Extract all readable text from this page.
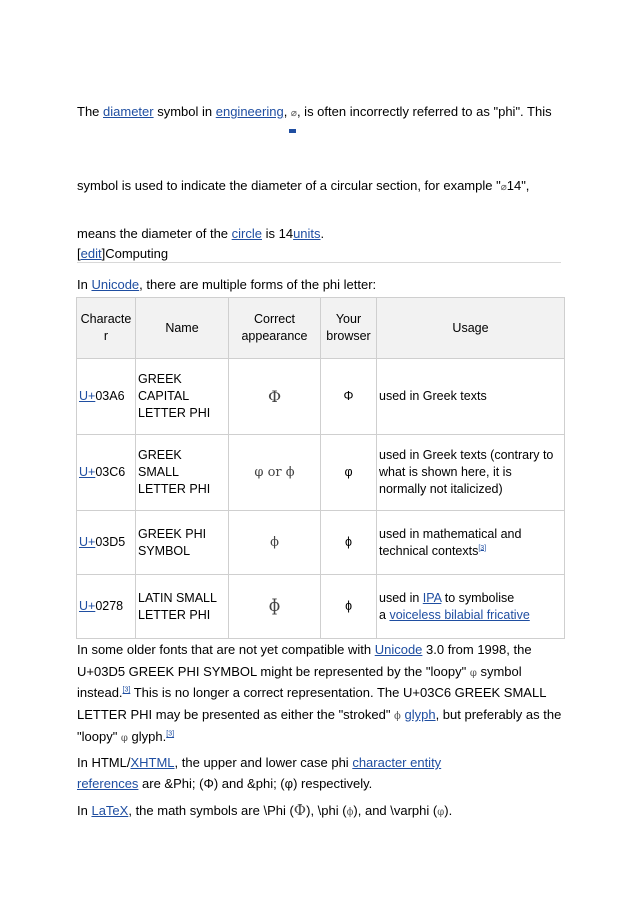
The diameter symbol in engineering, ⌀, is often incorrectly referred to as "phi". This
symbol is used to indicate the diameter of a circular section, for example "⌀14",
means the diameter of the circle is 14units.
[edit]Computing
In Unicode, there are multiple forms of the phi letter:
Characte r	Name	Correct appearance	Your browser	Usage
U+03A6	GREEK CAPITAL LETTER PHI	Φ	Φ	used in Greek texts
U+03C6	GREEK SMALL LETTER PHI	φ or ϕ	φ	used in Greek texts (contrary to what is shown here, it is normally not italicized)
U+03D5	GREEK PHI SYMBOL	ϕ	ϕ	used in mathematical and technical contexts[3]
U+0278	LATIN SMALL LETTER PHI	ɸ	ɸ	used in IPA to symbolise
a voiceless bilabial fricative

In some older fonts that are not yet compatible with Unicode 3.0 from 1998, the

U+03D5 GREEK PHI SYMBOL might be represented by the "loopy" φ symbol

instead.[3] This is no longer a correct representation. The U+03C6 GREEK SMALL

LETTER PHI may be presented as either the "stroked" ϕ glyph, but preferably as the

"loopy" φ glyph.[3]

In HTML/XHTML, the upper and lower case phi character entity

references are &Phi; (Φ) and &phi; (φ) respectively.

In LaTeX, the math symbols are \Phi (Φ), \phi (ϕ), and \varphi (φ).
